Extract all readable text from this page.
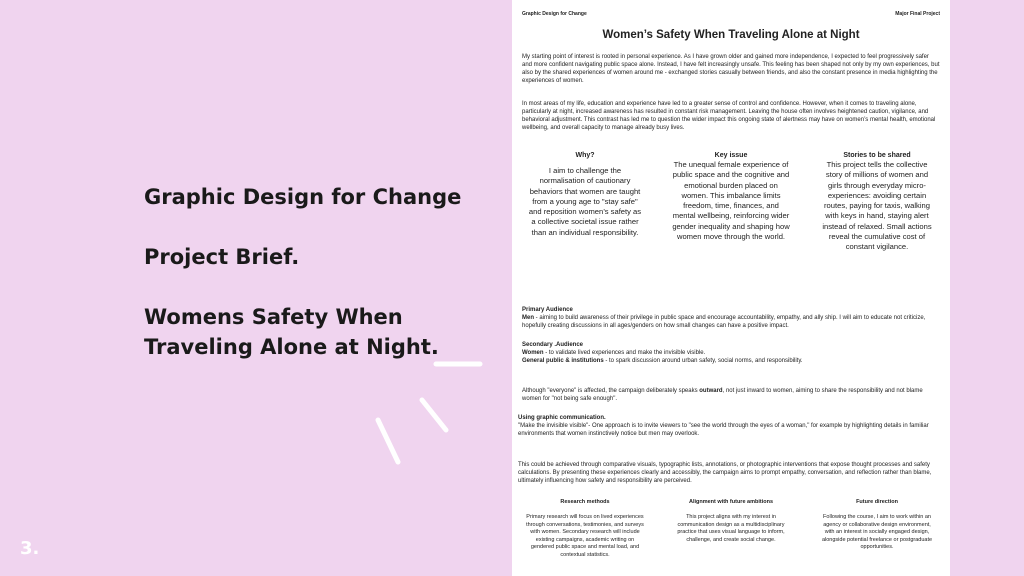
Graphic Design for Change

Project Brief.

Womens Safety When Traveling Alone at Night.

3.
Graphic Design for Change	Major Final Project
Women’s Safety When Traveling Alone at Night
My starting point of interest is rooted in personal experience. As I have grown older and gained more independence, I expected to feel progressively safer and more confident navigating public space alone. Instead, I have felt increasingly unsafe. This feeling has been shaped not only by my own experiences, but also by the shared experiences of women around me - exchanged stories casually between friends, and also the constant presence in media highlighting the experiences of women.
In most areas of my life, education and experience have led to a greater sense of control and confidence. However, when it comes to traveling alone, particularly at night, increased awareness has resulted in constant risk management. Leaving the house often involves heightened caution, vigilance, and behavioral adjustment. This contrast has led me to question the wider impact this ongoing state of alertness may have on women’s mental health, emotional wellbeing, and overall capacity to manage already busy lives.
Why?

I aim to challenge the normalisation of cautionary behaviors that women are taught from a young age to "stay safe" and reposition women’s safety as a collective societal issue rather than an individual responsibility.

Key issue

The unequal female experience of public space and the cognitive and emotional burden placed on women. This imbalance limits freedom, time, finances, and mental wellbeing, reinforcing wider gender inequality and shaping how women move through the world.

Stories to be shared

This project tells the collective story of millions of women and girls through everyday micro-experiences: avoiding certain routes, paying for taxis, walking with keys in hand, staying alert instead of relaxed. Small actions reveal the cumulative cost of constant vigilance.

Primary Audience
Men - aiming to build awareness of their privilege in public space and encourage accountability, empathy, and ally ship. I will aim to educate not criticize, hopefully creating discussions in all ages/genders on how small changes can have a positive impact.
Secondary .Audience
Women - to validate lived experiences and make the invisible visible.
General public & institutions - to spark discussion around urban safety, social norms, and responsibility.
Although "everyone" is affected, the campaign deliberately speaks outward, not just inward to women, aiming to share the responsibility and not blame women for "not being safe enough".
Using graphic communication.
"Make the invisible visible"- One approach is to invite viewers to "see the world through the eyes of a woman," for example by highlighting details in familiar environments that women instinctively notice but men may overlook.
This could be achieved through comparative visuals, typographic lists, annotations, or photographic interventions that expose thought processes and safety calculations. By presenting these experiences clearly and accessibly, the campaign aims to prompt empathy, conversation, and reflection rather than blame, ultimately influencing how safety and responsibility are perceived.
Research methods

Primary research will focus on lived experiences through conversations, testimonies, and surveys with women. Secondary research will include existing campaigns, academic writing on gendered public space and mental load, and contextual statistics.

Alignment with future ambitions

This project aligns with my interest in communication design as a multidisciplinary practice that uses visual language to inform, challenge, and create social change.

Future direction

Following the course, I aim to work within an agency or collaborative design environment, with an interest in socially engaged design, alongside potential freelance or postgraduate opportunities.
